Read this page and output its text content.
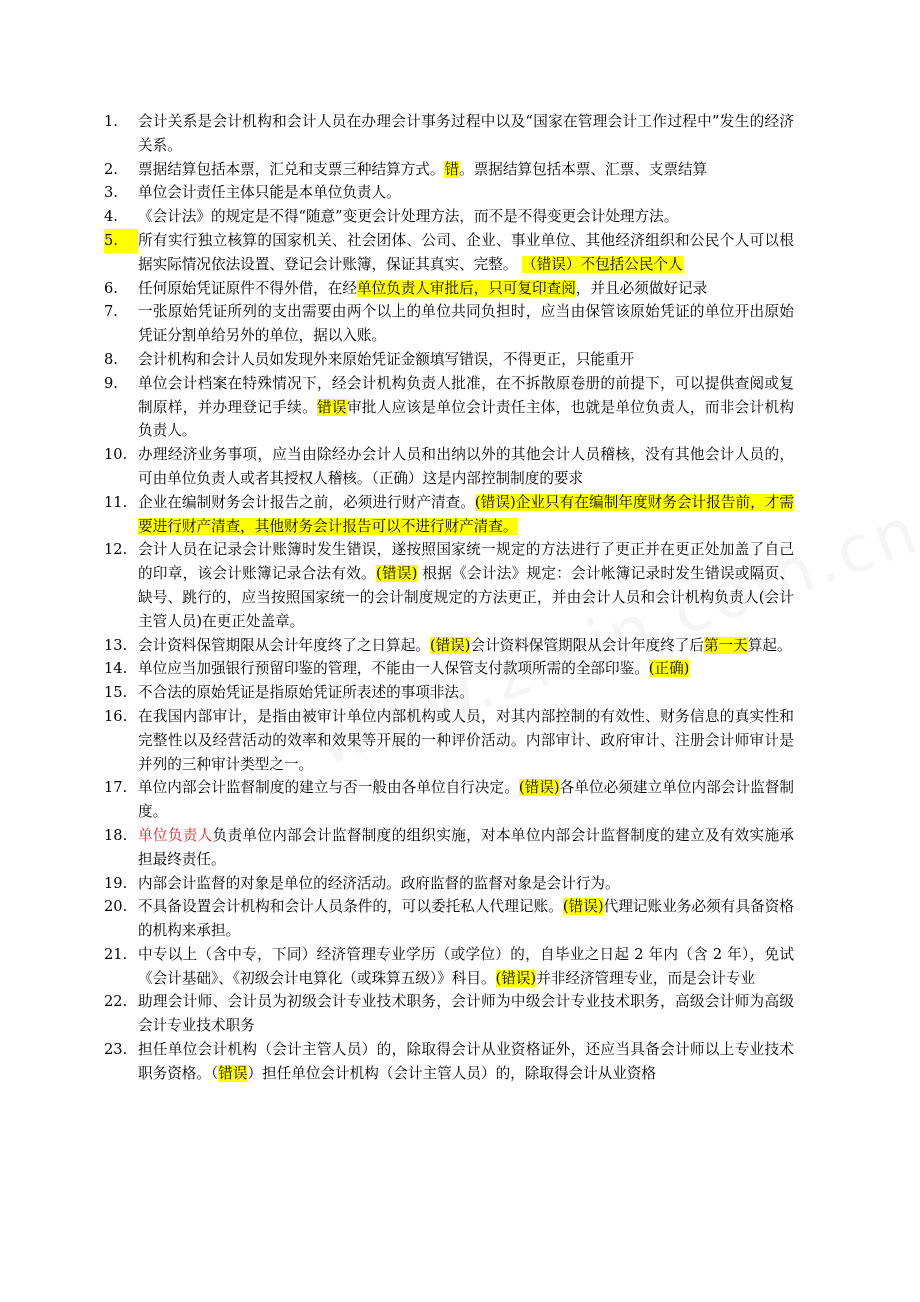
1.	会计关系是会计机构和会计人员在办理会计事务过程中以及“国家在管理会计工作过程中”发生的经济关系。

2.	票据结算包括本票，汇兑和支票三种结算方式。错。票据结算包括本票、汇票、支票结算

3.	单位会计责任主体只能是本单位负责人。

4.	《会计法》的规定是不得“随意”变更会计处理方法，而不是不得变更会计处理方法。

5.	所有实行独立核算的国家机关、社会团体、公司、企业、事业单位、其他经济组织和公民个人可以根据实际情况依法设置、登记会计账簿，保证其真实、完整。 （错误）不包括公民个人

6.	任何原始凭证原件不得外借，在经单位负责人审批后，只可复印查阅，并且必须做好记录

7.	一张原始凭证所列的支出需要由两个以上的单位共同负担时，应当由保管该原始凭证的单位开出原始凭证分割单给另外的单位，据以入账。

8.	会计机构和会计人员如发现外来原始凭证金额填写错误，不得更正，只能重开

9.	单位会计档案在特殊情况下，经会计机构负责人批准，在不拆散原卷册的前提下，可以提供查阅或复制原样，并办理登记手续。错误审批人应该是单位会计责任主体，也就是单位负责人，而非会计机构负责人。

10. 办理经济业务事项，应当由除经办会计人员和出纳以外的其他会计人员稽核，没有其他会计人员的，可由单位负责人或者其授权人稽核。（正确）这是内部控制制度的要求

11. 企业在编制财务会计报告之前，必须进行财产清查。(错误)企业只有在编制年度财务会计报告前，才需要进行财产清查，其他财务会计报告可以不进行财产清查。

12. 会计人员在记录会计账簿时发生错误，遂按照国家统一规定的方法进行了更正并在更正处加盖了自己的印章，该会计账簿记录合法有效。(错误) 根据《会计法》规定：会计帐簿记录时发生错误或隔页、缺号、跳行的，应当按照国家统一的会计制度规定的方法更正，并由会计人员和会计机构负责人(会计主管人员)在更正处盖章。

13. 会计资料保管期限从会计年度终了之日算起。(错误)会计资料保管期限从会计年度终了后第一天算起。

14. 单位应当加强银行预留印鉴的管理，不能由一人保管支付款项所需的全部印鉴。(正确)

15. 不合法的原始凭证是指原始凭证所表述的事项非法。

16. 在我国内部审计，是指由被审计单位内部机构或人员，对其内部控制的有效性、财务信息的真实性和完整性以及经营活动的效率和效果等开展的一种评价活动。内部审计、政府审计、注册会计师审计是并列的三种审计类型之一。

17. 单位内部会计监督制度的建立与否一般由各单位自行决定。(错误)各单位必须建立单位内部会计监督制度。

18. 单位负责人负责单位内部会计监督制度的组织实施，对本单位内部会计监督制度的建立及有效实施承担最终责任。

19. 内部会计监督的对象是单位的经济活动。政府监督的监督对象是会计行为。

20. 不具备设置会计机构和会计人员条件的，可以委托私人代理记账。(错误)代理记账业务必须有具备资格的机构来承担。

21. 中专以上（含中专，下同）经济管理专业学历（或学位）的，自毕业之日起 2 年内（含 2 年），免试《会计基础》、《初级会计电算化（或珠算五级）》科目。(错误)并非经济管理专业，而是会计专业

22. 助理会计师、会计员为初级会计专业技术职务，会计师为中级会计专业技术职务，高级会计师为高级会计专业技术职务

23. 担任单位会计机构（会计主管人员）的，除取得会计从业资格证外，还应当具备会计师以上专业技术职务资格。（错误）担任单位会计机构（会计主管人员）的，除取得会计从业资格
